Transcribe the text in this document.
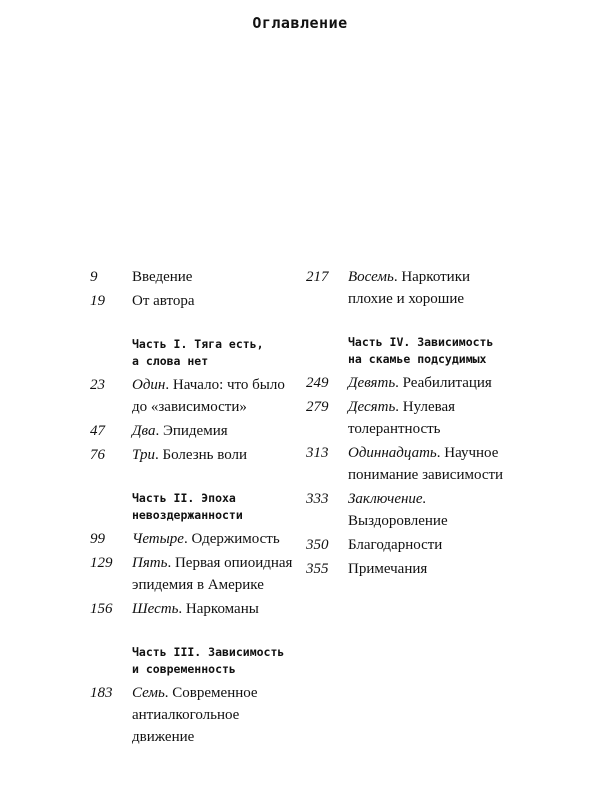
Оглавление
9 Введение
19 От автора
Часть I. Тяга есть,
а слова нет
23 Один. Начало: что было
до «зависимости»
47 Два. Эпидемия
76 Три. Болезнь воли
Часть II. Эпоха
невоздержанности
99 Четыре. Одержимость
129 Пять. Первая опиоидная
эпидемия в Америке
156 Шесть. Наркоманы
Часть III. Зависимость
и современность
183 Семь. Современное
антиалкогольное
движение
217 Восемь. Наркотики
плохие и хорошие
Часть IV. Зависимость
на скамье подсудимых
249 Девять. Реабилитация
279 Десять. Нулевая
толерантность
313 Одиннадцать. Научное
понимание зависимости
333 Заключение.
Выздоровление
350 Благодарности
355 Примечания
